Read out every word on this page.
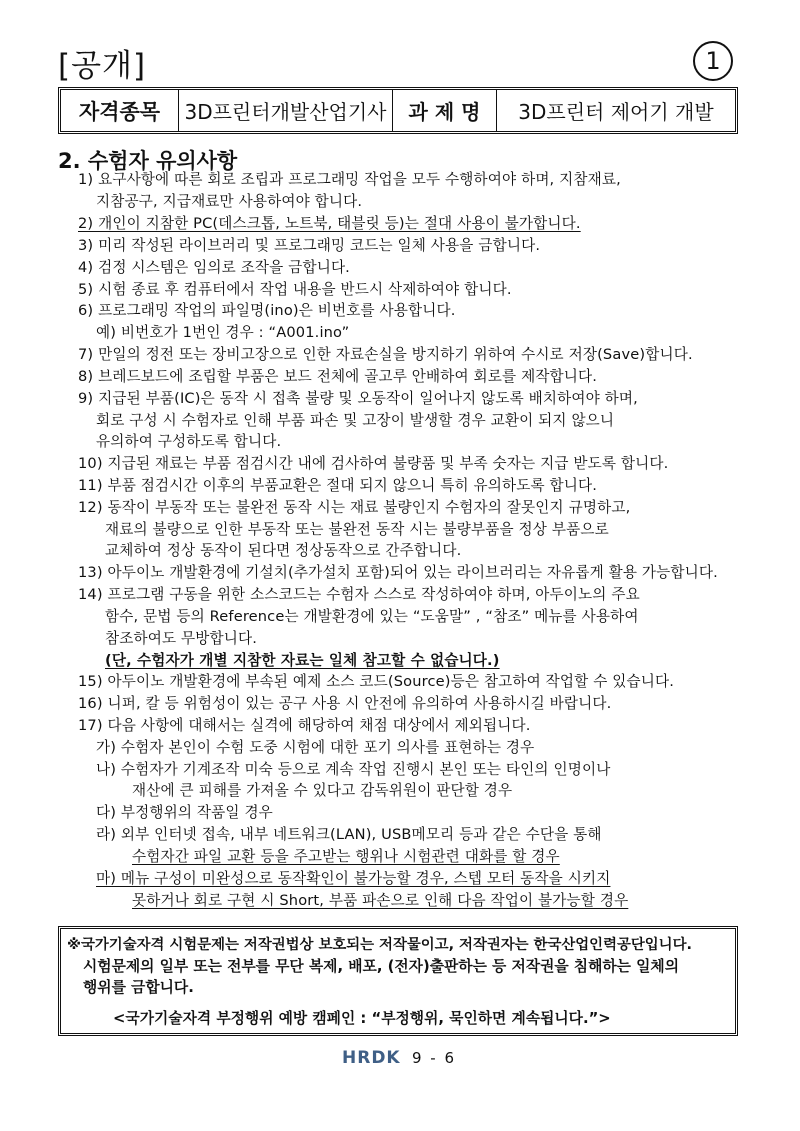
[공개]	1
자격종목	3D프린터개발산업기사	과 제 명	3D프린터 제어기 개발
2. 수험자 유의사항
1) 요구사항에 따른 회로 조립과 프로그래밍 작업을 모두 수행하여야 하며, 지참재료,
지참공구, 지급재료만 사용하여야 합니다.
2) 개인이 지참한 PC(데스크톱, 노트북, 태블릿 등)는 절대 사용이 불가합니다.
3) 미리 작성된 라이브러리 및 프로그래밍 코드는 일체 사용을 금합니다.
4) 검정 시스템은 임의로 조작을 금합니다.
5) 시험 종료 후 컴퓨터에서 작업 내용을 반드시 삭제하여야 합니다.
6) 프로그래밍 작업의 파일명(ino)은 비번호를 사용합니다.
예) 비번호가 1번인 경우 : “A001.ino”
7) 만일의 정전 또는 장비고장으로 인한 자료손실을 방지하기 위하여 수시로 저장(Save)합니다.
8) 브레드보드에 조립할 부품은 보드 전체에 골고루 안배하여 회로를 제작합니다.
9) 지급된 부품(IC)은 동작 시 접촉 불량 및 오동작이 일어나지 않도록 배치하여야 하며,
회로 구성 시 수험자로 인해 부품 파손 및 고장이 발생할 경우 교환이 되지 않으니
유의하여 구성하도록 합니다.
10) 지급된 재료는 부품 점검시간 내에 검사하여 불량품 및 부족 숫자는 지급 받도록 합니다.
11) 부품 점검시간 이후의 부품교환은 절대 되지 않으니 특히 유의하도록 합니다.
12) 동작이 부동작 또는 불완전 동작 시는 재료 불량인지 수험자의 잘못인지 규명하고,
재료의 불량으로 인한 부동작 또는 불완전 동작 시는 불량부품을 정상 부품으로
교체하여 정상 동작이 된다면 정상동작으로 간주합니다.
13) 아두이노 개발환경에 기설치(추가설치 포함)되어 있는 라이브러리는 자유롭게 활용 가능합니다.
14) 프로그램 구동을 위한 소스코드는 수험자 스스로 작성하여야 하며, 아두이노의 주요
함수, 문법 등의 Reference는 개발환경에 있는 “도움말” , “참조” 메뉴를 사용하여
참조하여도 무방합니다.
(단, 수험자가 개별 지참한 자료는 일체 참고할 수 없습니다.)
15) 아두이노 개발환경에 부속된 예제 소스 코드(Source)등은 참고하여 작업할 수 있습니다.
16) 니퍼, 칼 등 위험성이 있는 공구 사용 시 안전에 유의하여 사용하시길 바랍니다.
17) 다음 사항에 대해서는 실격에 해당하여 채점 대상에서 제외됩니다.
가) 수험자 본인이 수험 도중 시험에 대한 포기 의사를 표현하는 경우
나) 수험자가 기계조작 미숙 등으로 계속 작업 진행시 본인 또는 타인의 인명이나
재산에 큰 피해를 가져올 수 있다고 감독위원이 판단할 경우
다) 부정행위의 작품일 경우
라) 외부 인터넷 접속, 내부 네트워크(LAN), USB메모리 등과 같은 수단을 통해
수험자간 파일 교환 등을 주고받는 행위나 시험관련 대화를 할 경우
마) 메뉴 구성이 미완성으로 동작확인이 불가능할 경우, 스텝 모터 동작을 시키지
못하거나 회로 구현 시 Short, 부품 파손으로 인해 다음 작업이 불가능할 경우
※국가기술자격 시험문제는 저작권법상 보호되는 저작물이고, 저작권자는 한국산업인력공단입니다.
시험문제의 일부 또는 전부를 무단 복제, 배포, (전자)출판하는 등 저작권을 침해하는 일체의
행위를 금합니다.
<국가기술자격 부정행위 예방 캠페인 : “부정행위, 묵인하면 계속됩니다.”>
HRDK 9 - 6
